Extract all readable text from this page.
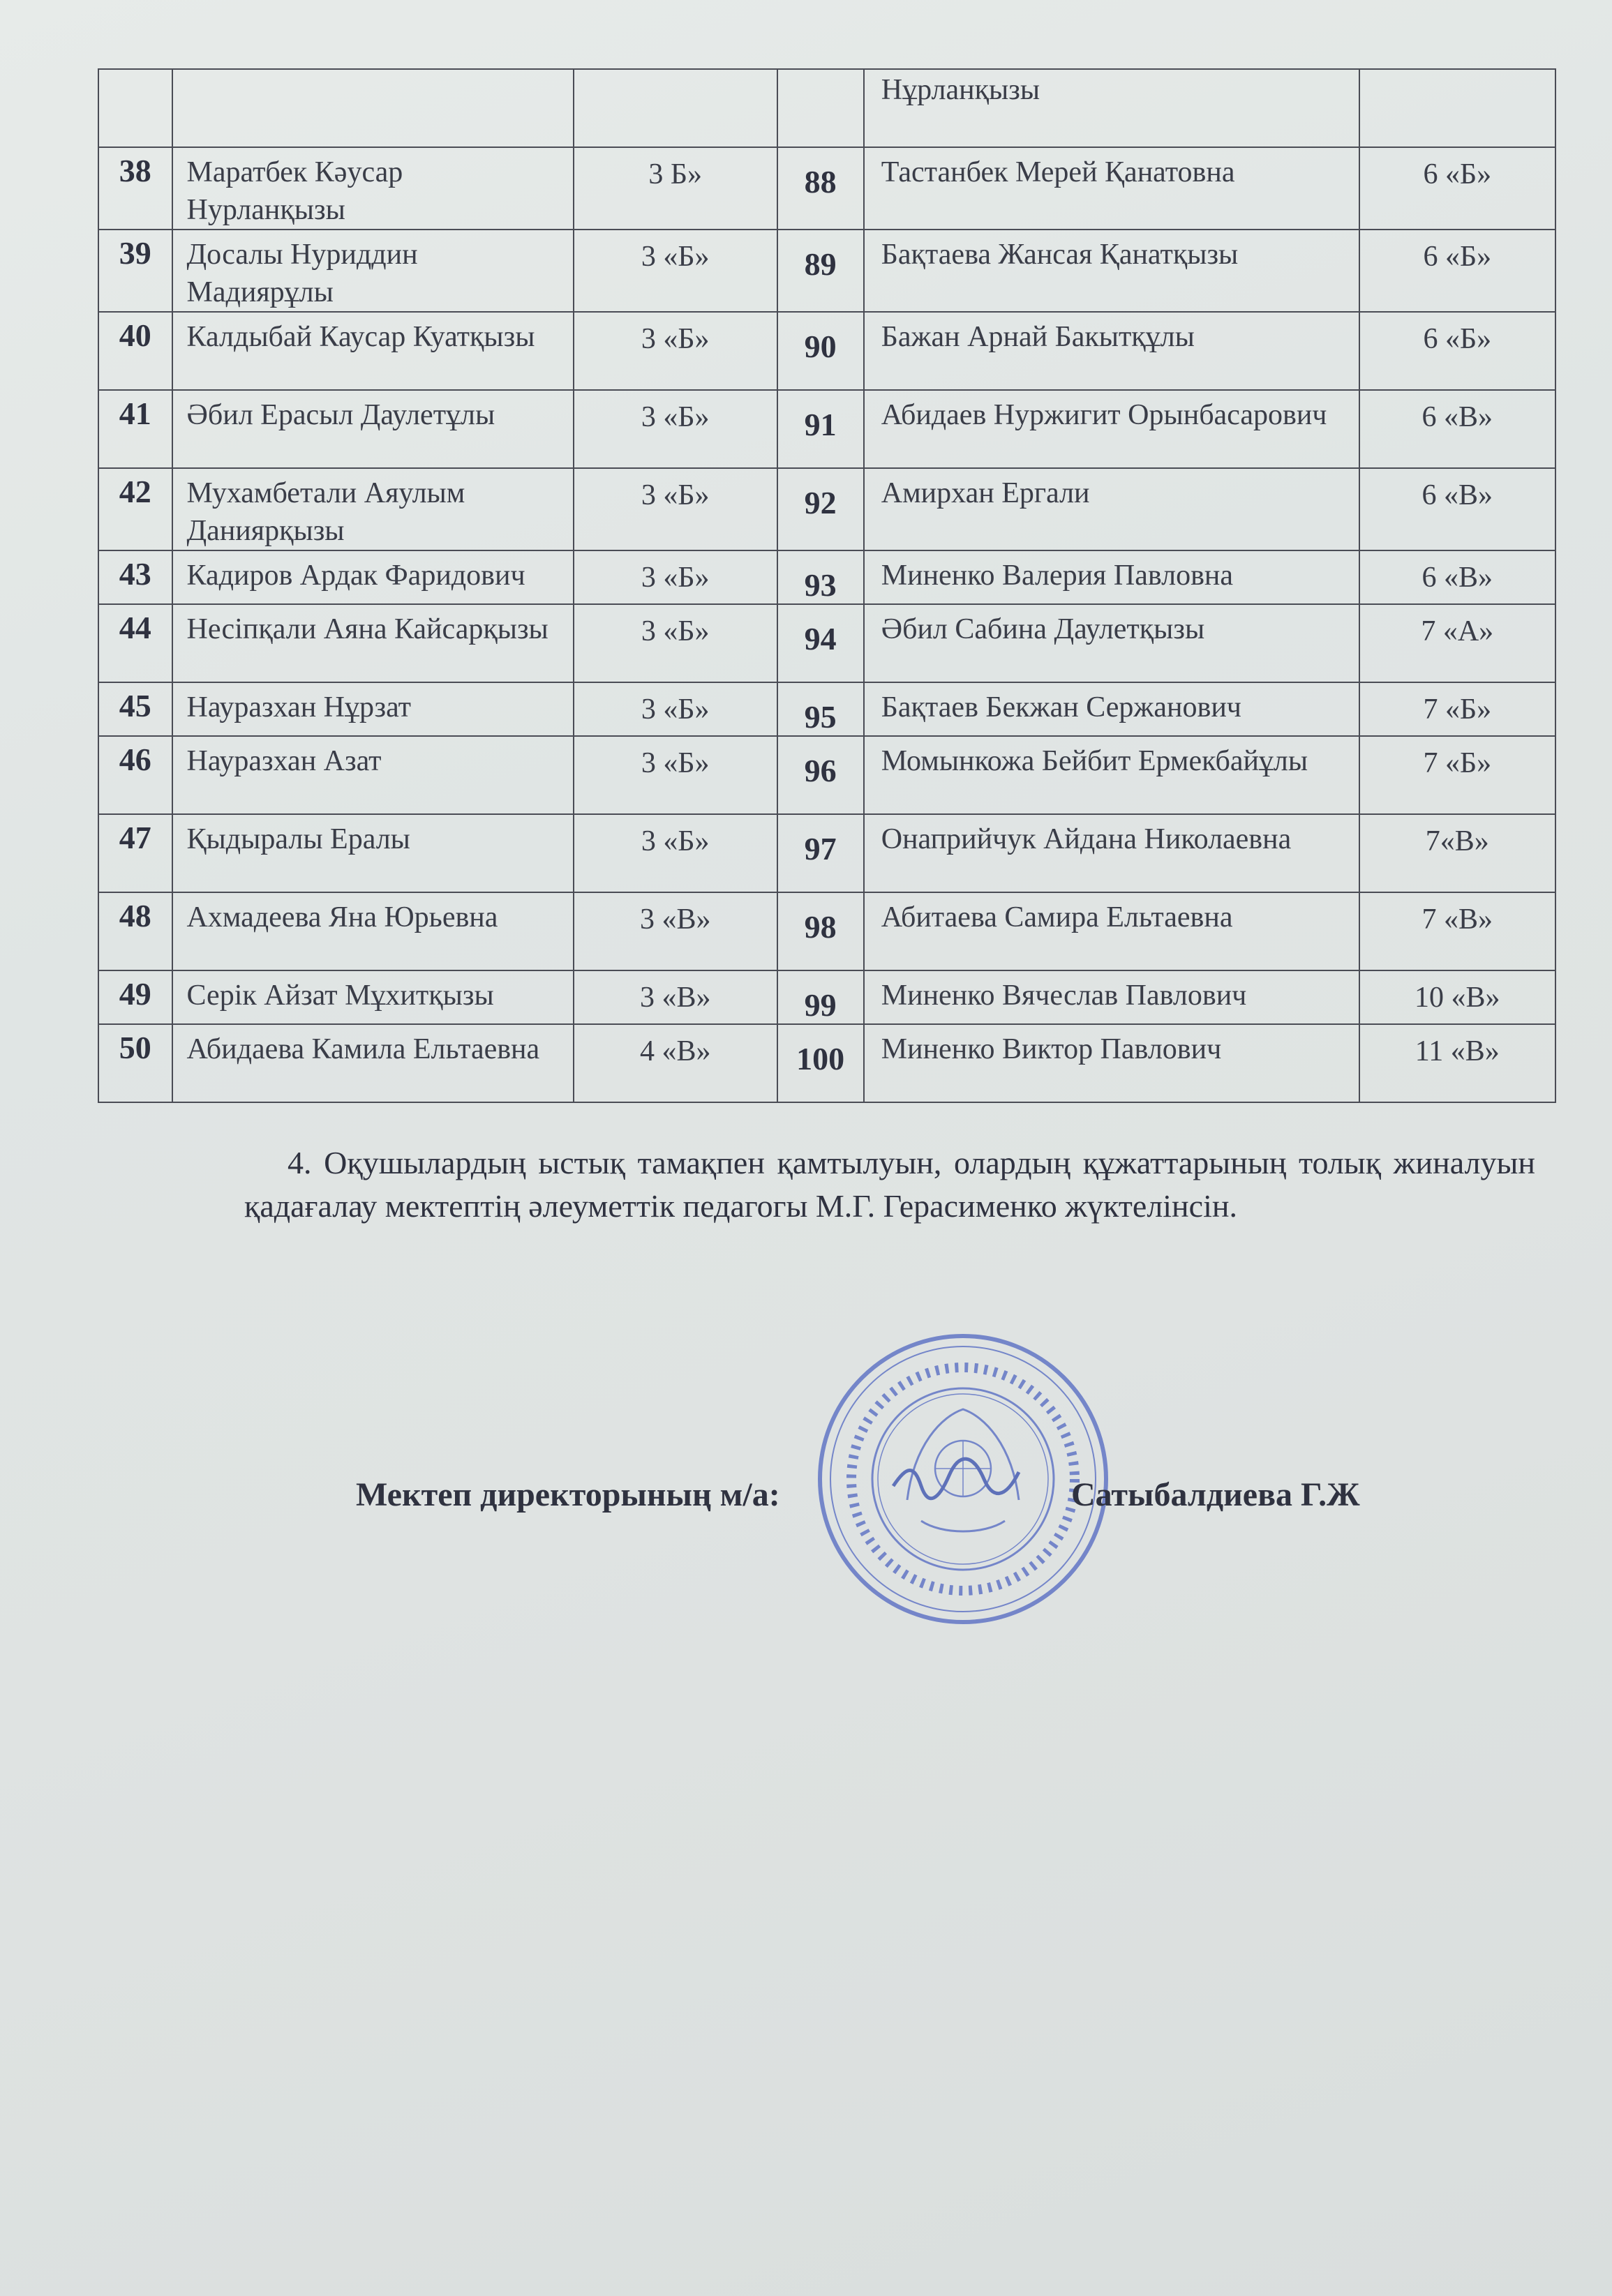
				Нұрланқызы	
38	Маратбек Кәусар Нурланқызы	3 Б»	88	Тастанбек Мерей Қанатовна	6 «Б»
39	Досалы Нуриддин Мадиярұлы	3 «Б»	89	Бақтаева Жансая Қанатқызы	6 «Б»
40	Калдыбай Каусар Куатқызы	3 «Б»	90	Бажан Арнай Бакытқұлы	6 «Б»
41	Әбил Ерасыл Даулетұлы	3 «Б»	91	Абидаев Нуржигит Орынбасарович	6 «В»
42	Мухамбетали Аяулым Даниярқызы	3 «Б»	92	Амирхан Ергали	6 «В»
43	Кадиров Ардак Фаридович	3 «Б»	93	Миненко Валерия Павловна	6 «В»
44	Несіпқали Аяна Кайсарқызы	3 «Б»	94	Әбил Сабина Даулетқызы	7 «А»
45	Науразхан Нұрзат	3 «Б»	95	Бақтаев Бекжан Сержанович	7 «Б»
46	Науразхан Азат	3 «Б»	96	Момынкожа Бейбит Ермекбайұлы	7 «Б»
47	Қыдыралы Ералы	3 «Б»	97	Онаприйчук Айдана Николаевна	7«В»
48	Ахмадеева Яна Юрьевна	3 «В»	98	Абитаева Самира Ельтаевна	7 «В»
49	Серік Айзат Мұхитқызы	3 «В»	99	Миненко Вячеслав Павлович	10 «В»
50	Абидаева Камила Ельтаевна	4 «В»	100	Миненко Виктор Павлович	11 «В»

4. Оқушылардың ыстық тамақпен қамтылуын, олардың құжаттарының толық жиналуын қадағалау мектептің әлеуметтік педагогы М.Г. Герасименко жүктелінсін.

Мектеп директорының м/а:	Сатыбалдиева Г.Ж
